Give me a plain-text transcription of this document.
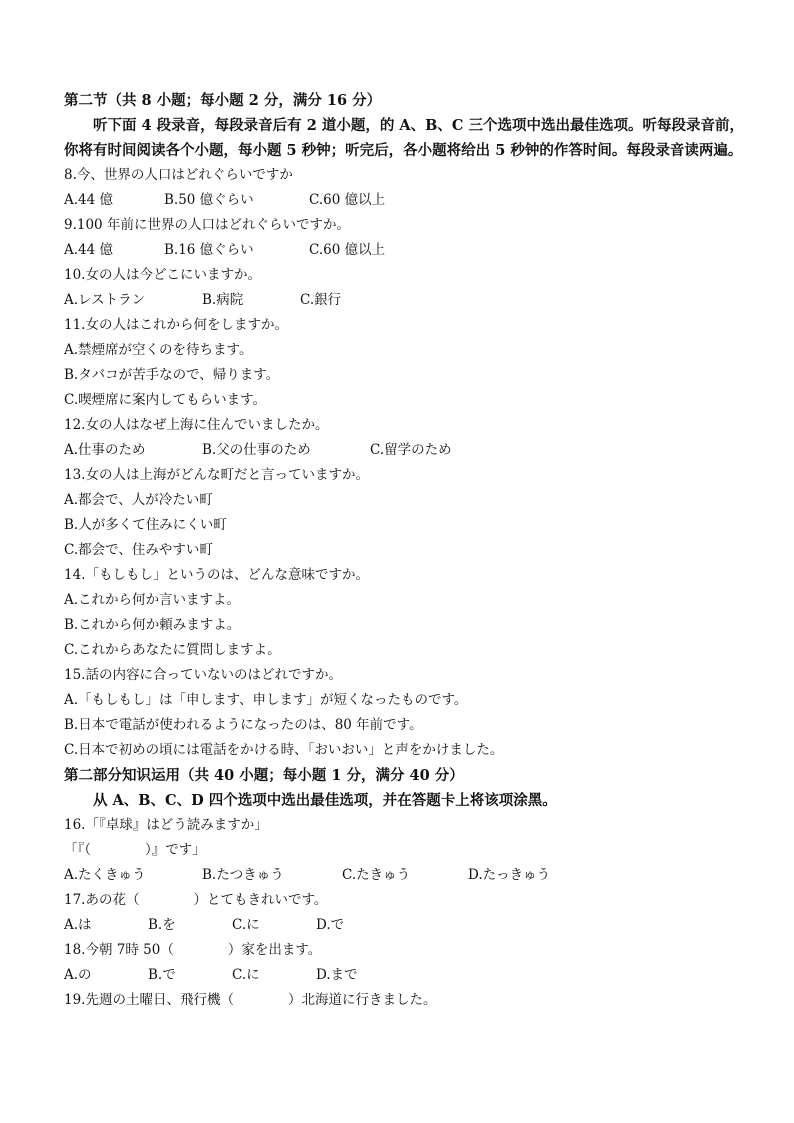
第二节（共 8 小题；每小题 2 分，满分 16 分）
听下面 4 段录音，每段录音后有 2 道小题，的 A、B、C 三个选项中选出最佳选项。听每段录音前，你将有时间阅读各个小题，每小题 5 秒钟；听完后，各小题将给出 5 秒钟的作答时间。每段录音读两遍。
8.今、世界の人口はどれぐらいですか
A.44 億	B.50 億ぐらい	C.60 億以上
9.100 年前に世界の人口はどれぐらいですか。
A.44 億	B.16 億ぐらい	C.60 億以上
10.女の人は今どこにいますか。
A.レストラン	B.病院	C.銀行
11.女の人はこれから何をしますか。
A.禁煙席が空くのを待ちます。
B.タバコが苦手なので、帰ります。
C.喫煙席に案内してもらいます。
12.女の人はなぜ上海に住んでいましたか。
A.仕事のため	B.父の仕事のため	C.留学のため
13.女の人は上海がどんな町だと言っていますか。
A.都会で、人が冷たい町
B.人が多くて住みにくい町
C.都会で、住みやすい町
14.「もしもし」というのは、どんな意味ですか。
A.これから何か言いますよ。
B.これから何か頼みますよ。
C.これからあなたに質問しますよ。
15.話の内容に合っていないのはどれですか。
A.「もしもし」は「申します、申します」が短くなったものです。
B.日本で電話が使われるようになったのは、80 年前です。
C.日本で初めの頃には電話をかける時、「おいおい」と声をかけました。
第二部分知识运用（共 40 小題；每小题 1 分，满分 40 分）
从 A、B、C、D 四个选项中选出最佳选项，并在答题卡上将该项涂黑。
16.「『卓球』はどう読みますか」
「『（　　　　）』です」
A.たくきゅう	B.たつきゅう	C.たきゅう	D.たっきゅう
17.あの花（　　　　）とてもきれいです。
A.は	B.を	C.に	D.で
18.今朝 7時 50（　　　　）家を出ます。
A.の	B.で	C.に	D.まで
19.先週の土曜日、飛行機（　　　　）北海道に行きました。
